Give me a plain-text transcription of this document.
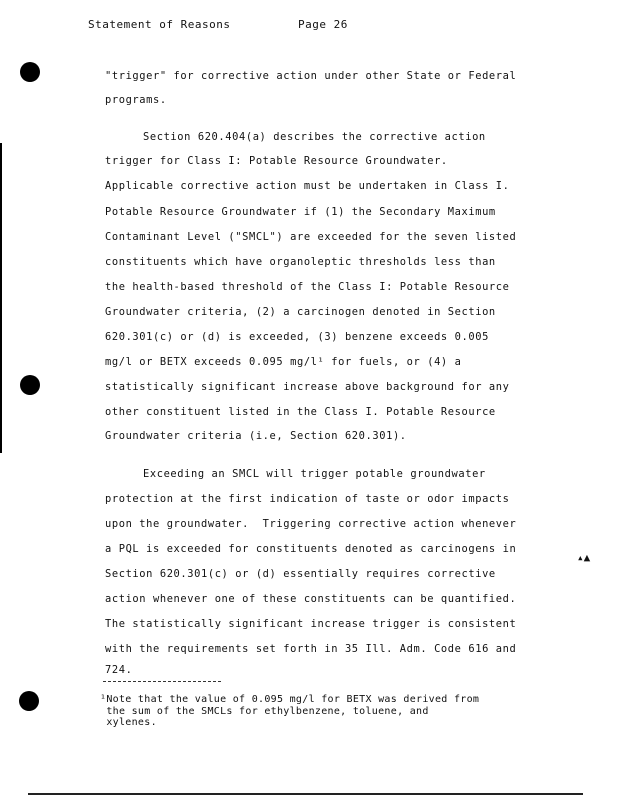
Statement of Reasons	Page 26
"trigger" for corrective action under other State or Federal
programs.
Section 620.404(a) describes the corrective action
trigger for Class I: Potable Resource Groundwater.
Applicable corrective action must be undertaken in Class I.
Potable Resource Groundwater if (1) the Secondary Maximum
Contaminant Level ("SMCL") are exceeded for the seven listed
constituents which have organoleptic thresholds less than
the health-based threshold of the Class I: Potable Resource
Groundwater criteria, (2) a carcinogen denoted in Section
620.301(c) or (d) is exceeded, (3) benzene exceeds 0.005
mg/l or BETX exceeds 0.095 mg/l¹ for fuels, or (4) a
statistically significant increase above background for any
other constituent listed in the Class I. Potable Resource
Groundwater criteria (i.e, Section 620.301).
Exceeding an SMCL will trigger potable groundwater
protection at the first indication of taste or odor impacts
upon the groundwater.  Triggering corrective action whenever
a PQL is exceeded for constituents denoted as carcinogens in
Section 620.301(c) or (d) essentially requires corrective
action whenever one of these constituents can be quantified.
The statistically significant increase trigger is consistent
with the requirements set forth in 35 Ill. Adm. Code 616 and
724.
▴▲
¹Note that the value of 0.095 mg/l for BETX was derived from
the sum of the SMCLs for ethylbenzene, toluene, and
xylenes.
